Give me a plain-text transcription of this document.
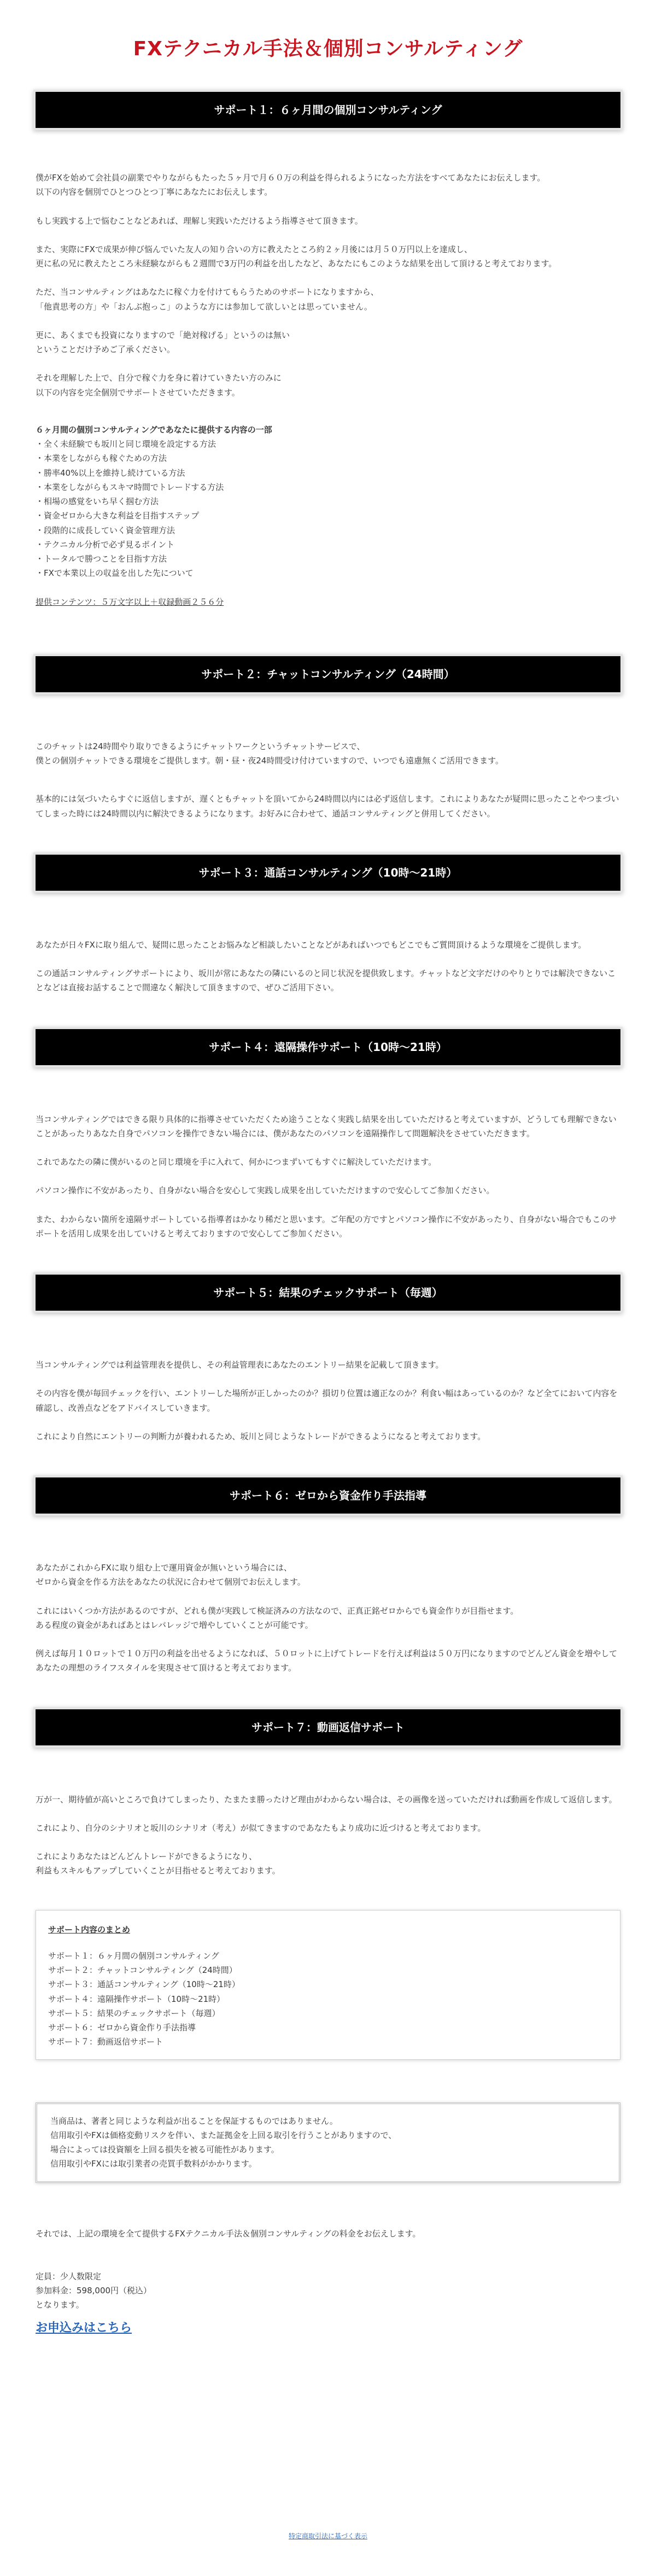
FXテクニカル手法＆個別コンサルティング
サポート１：６ヶ月間の個別コンサルティング

僕がFXを始めて会社員の副業でやりながらもたった５ヶ月で月６０万の利益を得られるようになった方法をすべてあなたにお伝えします。
以下の内容を個別でひとつひとつ丁寧にあなたにお伝えします。

もし実践する上で悩むことなどあれば、理解し実践いただけるよう指導させて頂きます。

また、実際にFXで成果が伸び悩んでいた友人の知り合いの方に教えたところ約２ヶ月後には月５０万円以上を達成し、
更に私の兄に教えたところ未経験ながらも２週間で3万円の利益を出したなど、あなたにもこのような結果を出して頂けると考えております。

ただ、当コンサルティングはあなたに稼ぐ力を付けてもらうためのサポートになりますから、
「他責思考の方」や「おんぶ抱っこ」のような方には参加して欲しいとは思っていません。

更に、あくまでも投資になりますので「絶対稼げる」というのは無い
ということだけ予めご了承ください。

それを理解した上で、自分で稼ぐ力を身に着けていきたい方のみに
以下の内容を完全個別でサポートさせていただきます。

６ヶ月間の個別コンサルティングであなたに提供する内容の一部

・ 全く未経験でも坂川と同じ環境を設定する方法
・ 本業をしながらも稼ぐための方法
・ 勝率40%以上を維持し続けている方法
・ 本業をしながらもスキマ時間でトレードする方法
・ 相場の感覚をいち早く掴む方法
・ 資金ゼロから大きな利益を目指すステップ
・ 段階的に成長していく資金管理方法
・ テクニカル分析で必ず見るポイント
・ トータルで勝つことを目指す方法
・ FXで本業以上の収益を出した先について

提供コンテンツ：５万文字以上＋収録動画２５６分

サポート２：チャットコンサルティング（24時間）

このチャットは24時間やり取りできるようにチャットワークというチャットサービスで、
僕との個別チャットできる環境をご提供します。朝・昼・夜24時間受け付けていますので、いつでも遠慮無くご活用できます。

基本的には気づいたらすぐに返信しますが、遅くともチャットを頂いてから24時間以内には必ず返信します。これによりあなたが疑問に思ったことやつまづいてしまった時には24時間以内に解決できるようになります。お好みに合わせて、通話コンサルティングと併用してください。

サポート３：通話コンサルティング（10時〜21時）

あなたが日々FXに取り組んで、疑問に思ったことお悩みなど相談したいことなどがあればいつでもどこでもご質問頂けるような環境をご提供します。

この通話コンサルティングサポートにより、坂川が常にあなたの隣にいるのと同じ状況を提供致します。チャットなど文字だけのやりとりでは解決できないことなどは直接お話することで間違なく解決して頂きますので、ぜひご活用下さい。

サポート４：遠隔操作サポート（10時〜21時）

当コンサルティングではできる限り具体的に指導させていただくため途うことなく実践し結果を出していただけると考えていますが、どうしても理解できないことがあったりあなた自身でパソコンを操作できない場合には、僕があなたのパソコンを遠隔操作して問題解決をさせていただきます。

これであなたの隣に僕がいるのと同じ環境を手に入れて、何かにつまずいてもすぐに解決していただけます。

パソコン操作に不安があったり、自身がない場合を安心して実践し成果を出していただけますので安心してご参加ください。

また、わからない箇所を遠隔サポートしている指導者はかなり稀だと思います。ご年配の方ですとパソコン操作に不安があったり、自身がない場合でもこのサポートを活用し成果を出していけると考えておりますので安心してご参加ください。

サポート５：結果のチェックサポート（毎週）

当コンサルティングでは利益管理表を提供し、その利益管理表にあなたのエントリー結果を記載して頂きます。

その内容を僕が毎回チェックを行い、エントリーした場所が正しかったのか？損切り位置は適正なのか？利食い幅はあっているのか？など全てにおいて内容を確認し、改善点などをアドバイスしていきます。

これにより自然にエントリーの判断力が養われるため、坂川と同じようなトレードができるようになると考えております。

サポート６：ゼロから資金作り手法指導

あなたがこれからFXに取り組む上で運用資金が無いという場合には、
ゼロから資金を作る方法をあなたの状況に合わせて個別でお伝えします。

これにはいくつか方法があるのですが、どれも僕が実践して検証済みの方法なので、正真正銘ゼロからでも資金作りが目指せます。
ある程度の資金があればあとはレバレッジで増やしていくことが可能です。

例えば毎月１０ロットで１０万円の利益を出せるようになれば、５０ロットに上げてトレードを行えば利益は５０万円になりますのでどんどん資金を増やしてあなたの理想のライフスタイルを実現させて頂けると考えております。

サポート７：動画返信サポート

万が一、期待値が高いところで負けてしまったり、たまたま勝ったけど理由がわからない場合は、その画像を送っていただければ動画を作成して返信します。

これにより、自分のシナリオと坂川のシナリオ（考え）が似てきますのであなたもより成功に近づけると考えております。

これによりあなたはどんどんトレードができるようになり、
利益もスキルもアップしていくことが目指せると考えております。

サポート内容のまとめ

サポート１：６ヶ月間の個別コンサルティング
サポート２：チャットコンサルティング（24時間）
サポート３：通話コンサルティング（10時〜21時）
サポート４：遠隔操作サポート（10時〜21時）
サポート５：結果のチェックサポート（毎週）
サポート６：ゼロから資金作り手法指導
サポート７：動画返信サポート

当商品は、著者と同じような利益が出ることを保証するものではありません。
信用取引やFXは価格変動リスクを伴い、また証拠金を上回る取引を行うことがありますので、
場合によっては投資額を上回る損失を被る可能性があります。
信用取引やFXには取引業者の売買手数料がかかります。

それでは、上記の環境を全て提供するFXテクニカル手法＆個別コンサルティングの料金をお伝えします。

定員：少人数限定
参加料金：598,000円（税込）
となります。

お申込みはこちら

特定商取引法に基づく表示
